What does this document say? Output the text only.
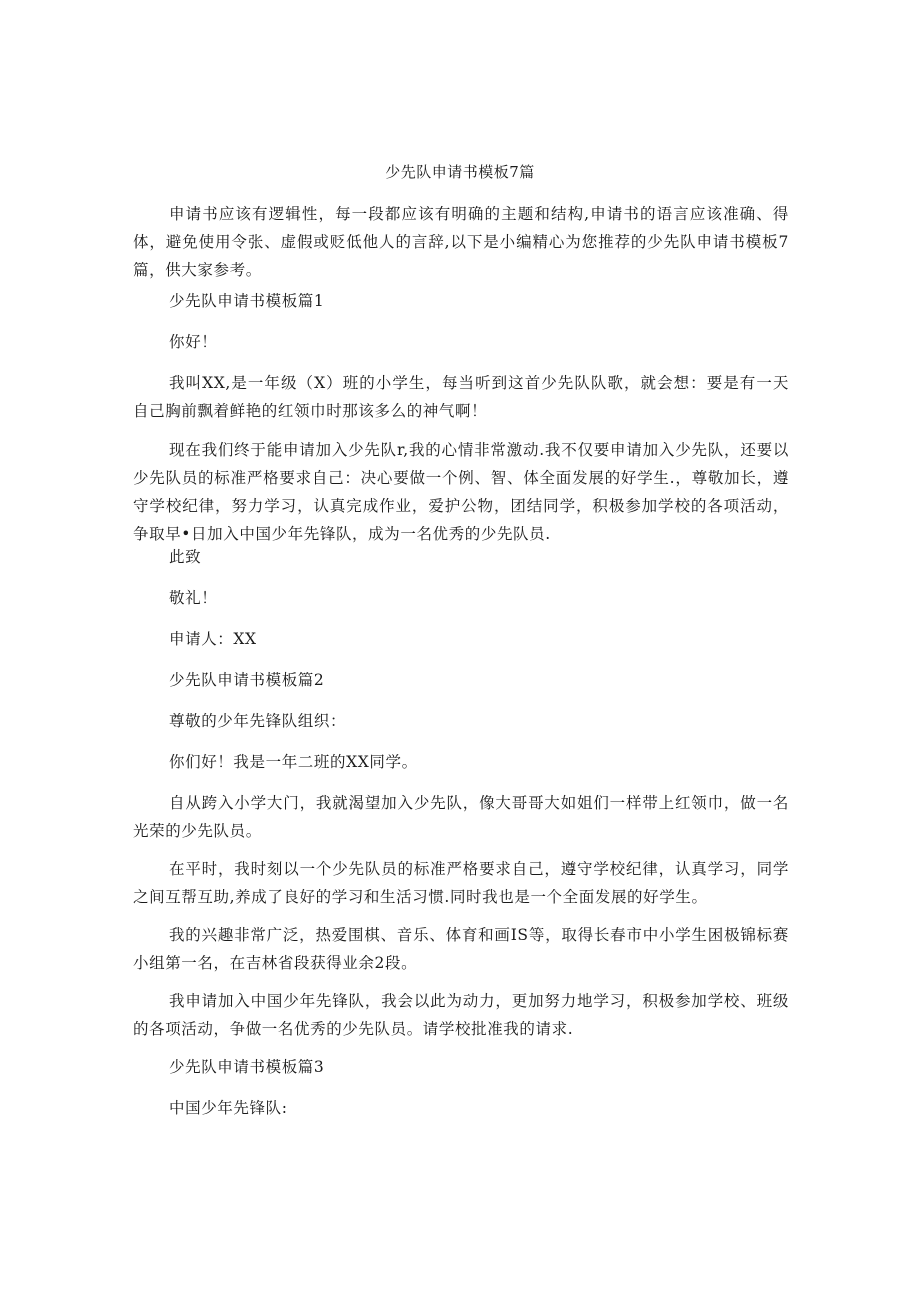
少先队申请书模板7篇

申请书应该有逻辑性，每一段都应该有明确的主题和结构,申请书的语言应该准确、得体，避免使用令张、虚假或贬低他人的言辞,以下是小编精心为您推荐的少先队申请书模板7篇，供大家参考。

少先队申请书模板篇1

你好！

我叫XX,是一年级（X）班的小学生，每当听到这首少先队队歌，就会想：要是有一天自己胸前飘着鲜艳的红领巾时那该多么的神气啊！

现在我们终于能申请加入少先队r,我的心情非常激动.我不仅要申请加入少先队，还要以少先队员的标准严格要求自己：决心要做一个例、智、体全面发展的好学生.，尊敬加长，遵守学校纪律，努力学习，认真完成作业，爱护公物，团结同学，积极参加学校的各项活动，争取早•日加入中国少年先锋队，成为一名优秀的少先队员.

此致

敬礼！

申请人：XX

少先队申请书模板篇2

尊敬的少年先锋队组织：

你们好！我是一年二班的XX同学。

自从跨入小学大门，我就渴望加入少先队，像大哥哥大如姐们一样带上红领巾，做一名光荣的少先队员。

在平时，我时刻以一个少先队员的标准严格要求自己，遵守学校纪律，认真学习，同学之间互帮互助,养成了良好的学习和生活习惯.同时我也是一个全面发展的好学生。

我的兴趣非常广泛，热爱围棋、音乐、体育和画IS等，取得长春市中小学生困极锦标赛小组第一名，在吉林省段获得业余2段。

我申请加入中国少年先锋队，我会以此为动力，更加努力地学习，积极参加学校、班级的各项活动，争做一名优秀的少先队员。请学校批准我的请求.

少先队申请书模板篇3

中国少年先锋队:
